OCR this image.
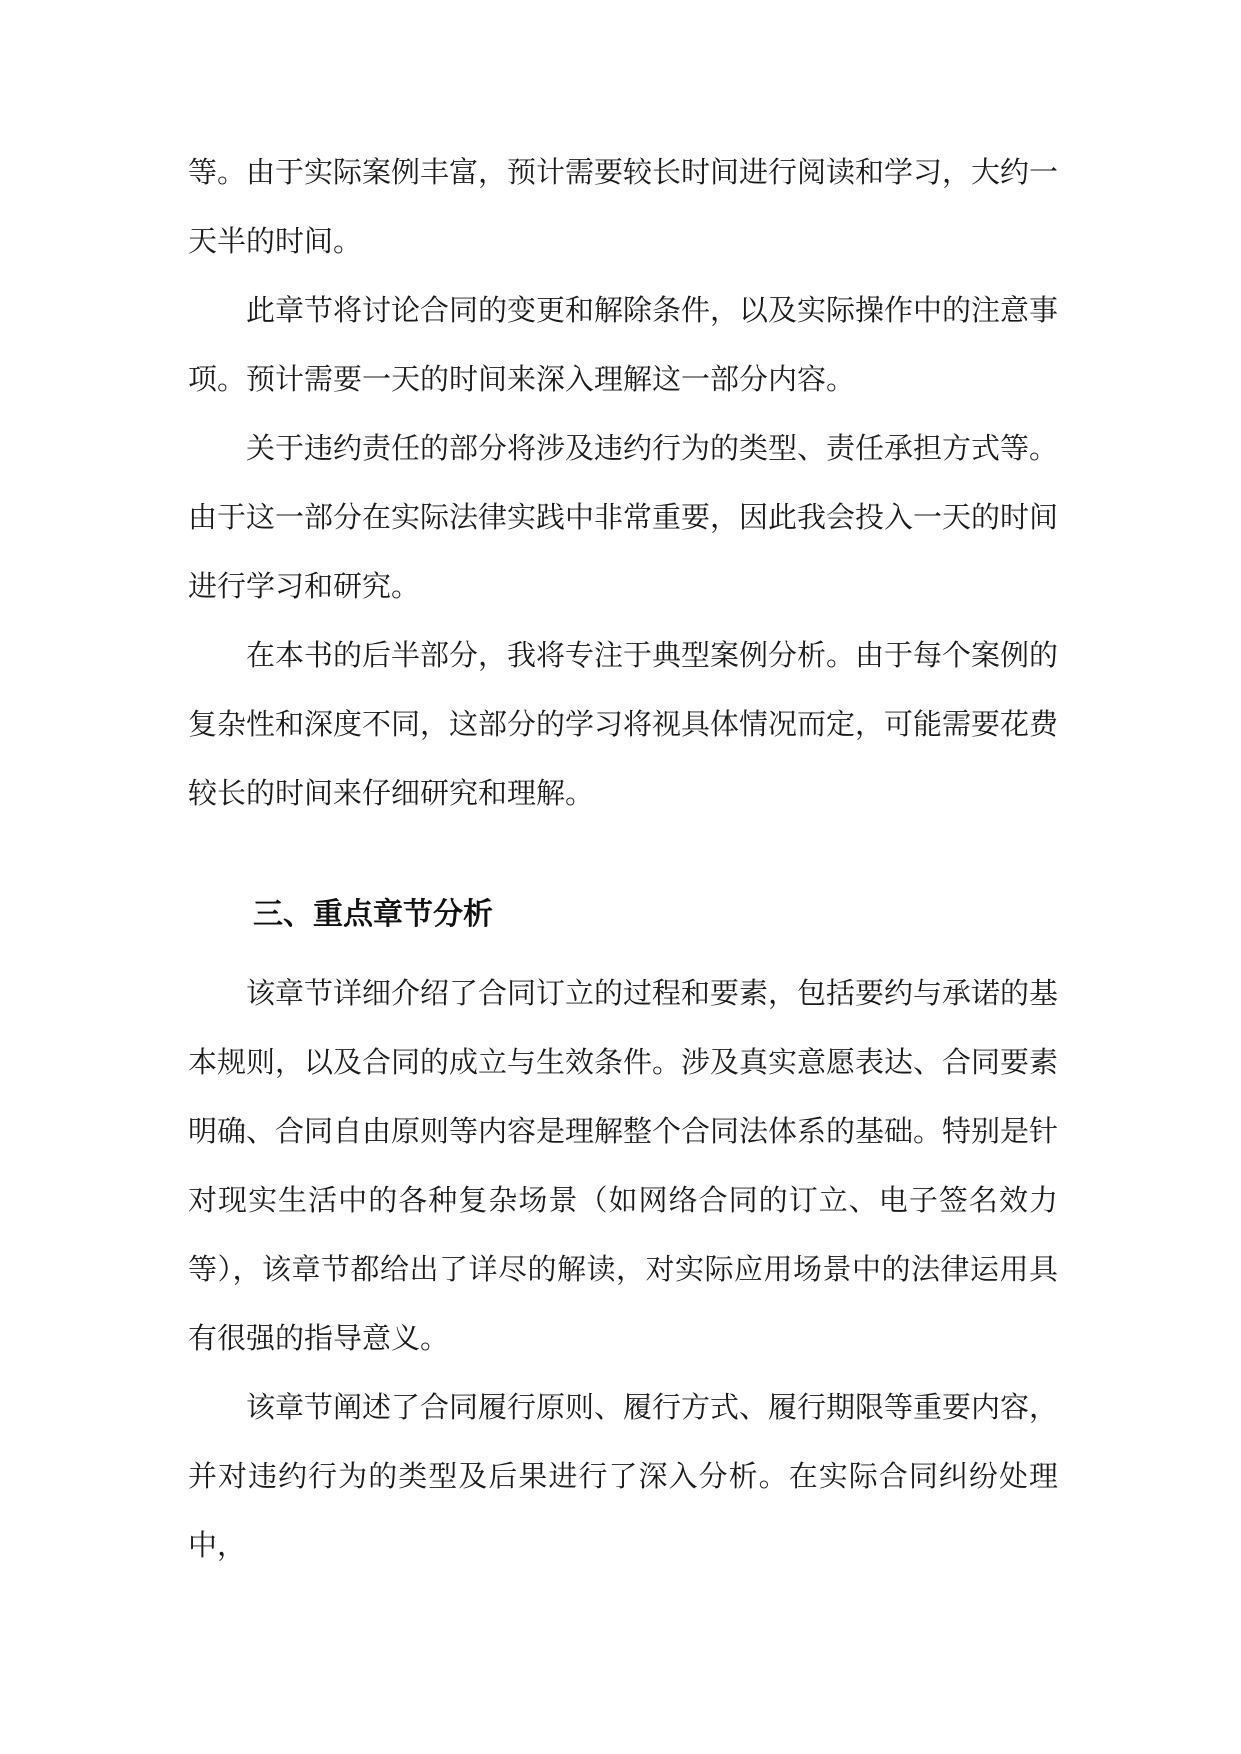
等。由于实际案例丰富，预计需要较长时间进行阅读和学习，大约一天半的时间。

此章节将讨论合同的变更和解除条件，以及实际操作中的注意事项。预计需要一天的时间来深入理解这一部分内容。

关于违约责任的部分将涉及违约行为的类型、责任承担方式等。由于这一部分在实际法律实践中非常重要，因此我会投入一天的时间进行学习和研究。

在本书的后半部分，我将专注于典型案例分析。由于每个案例的复杂性和深度不同，这部分的学习将视具体情况而定，可能需要花费较长的时间来仔细研究和理解。

三、重点章节分析

该章节详细介绍了合同订立的过程和要素，包括要约与承诺的基本规则，以及合同的成立与生效条件。涉及真实意愿表达、合同要素明确、合同自由原则等内容是理解整个合同法体系的基础。特别是针对现实生活中的各种复杂场景（如网络合同的订立、电子签名效力等），该章节都给出了详尽的解读，对实际应用场景中的法律运用具有很强的指导意义。

该章节阐述了合同履行原则、履行方式、履行期限等重要内容，并对违约行为的类型及后果进行了深入分析。在实际合同纠纷处理中，
